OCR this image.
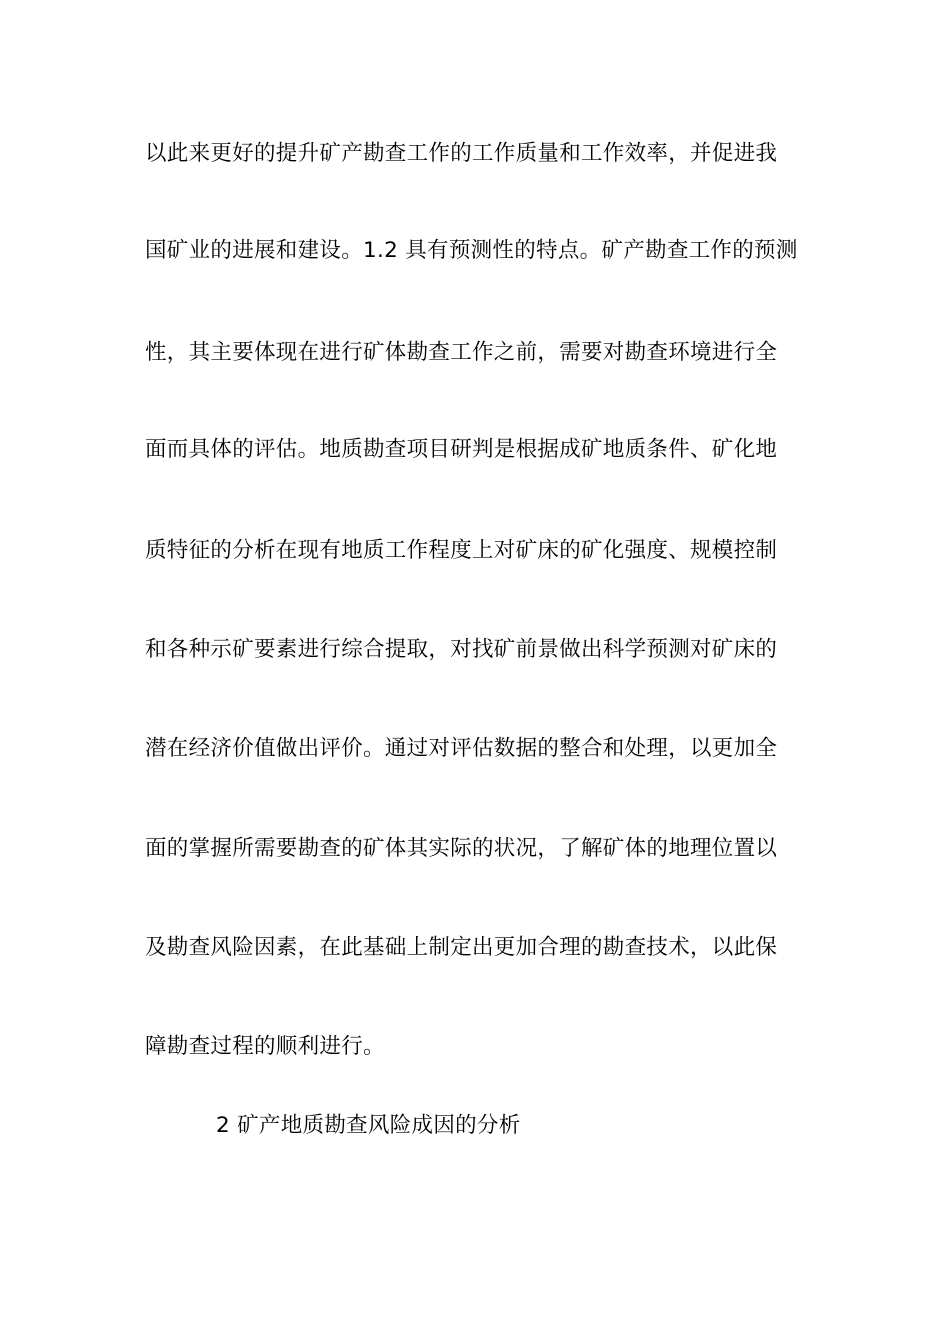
以此来更好的提升矿产勘查工作的工作质量和工作效率，并促进我
国矿业的进展和建设。1.2 具有预测性的特点。矿产勘查工作的预测
性，其主要体现在进行矿体勘查工作之前，需要对勘查环境进行全
面而具体的评估。地质勘查项目研判是根据成矿地质条件、矿化地
质特征的分析在现有地质工作程度上对矿床的矿化强度、规模控制
和各种示矿要素进行综合提取，对找矿前景做出科学预测对矿床的
潜在经济价值做出评价。通过对评估数据的整合和处理，以更加全
面的掌握所需要勘查的矿体其实际的状况，了解矿体的地理位置以
及勘查风险因素，在此基础上制定出更加合理的勘查技术，以此保
障勘查过程的顺利进行。
2 矿产地质勘查风险成因的分析
